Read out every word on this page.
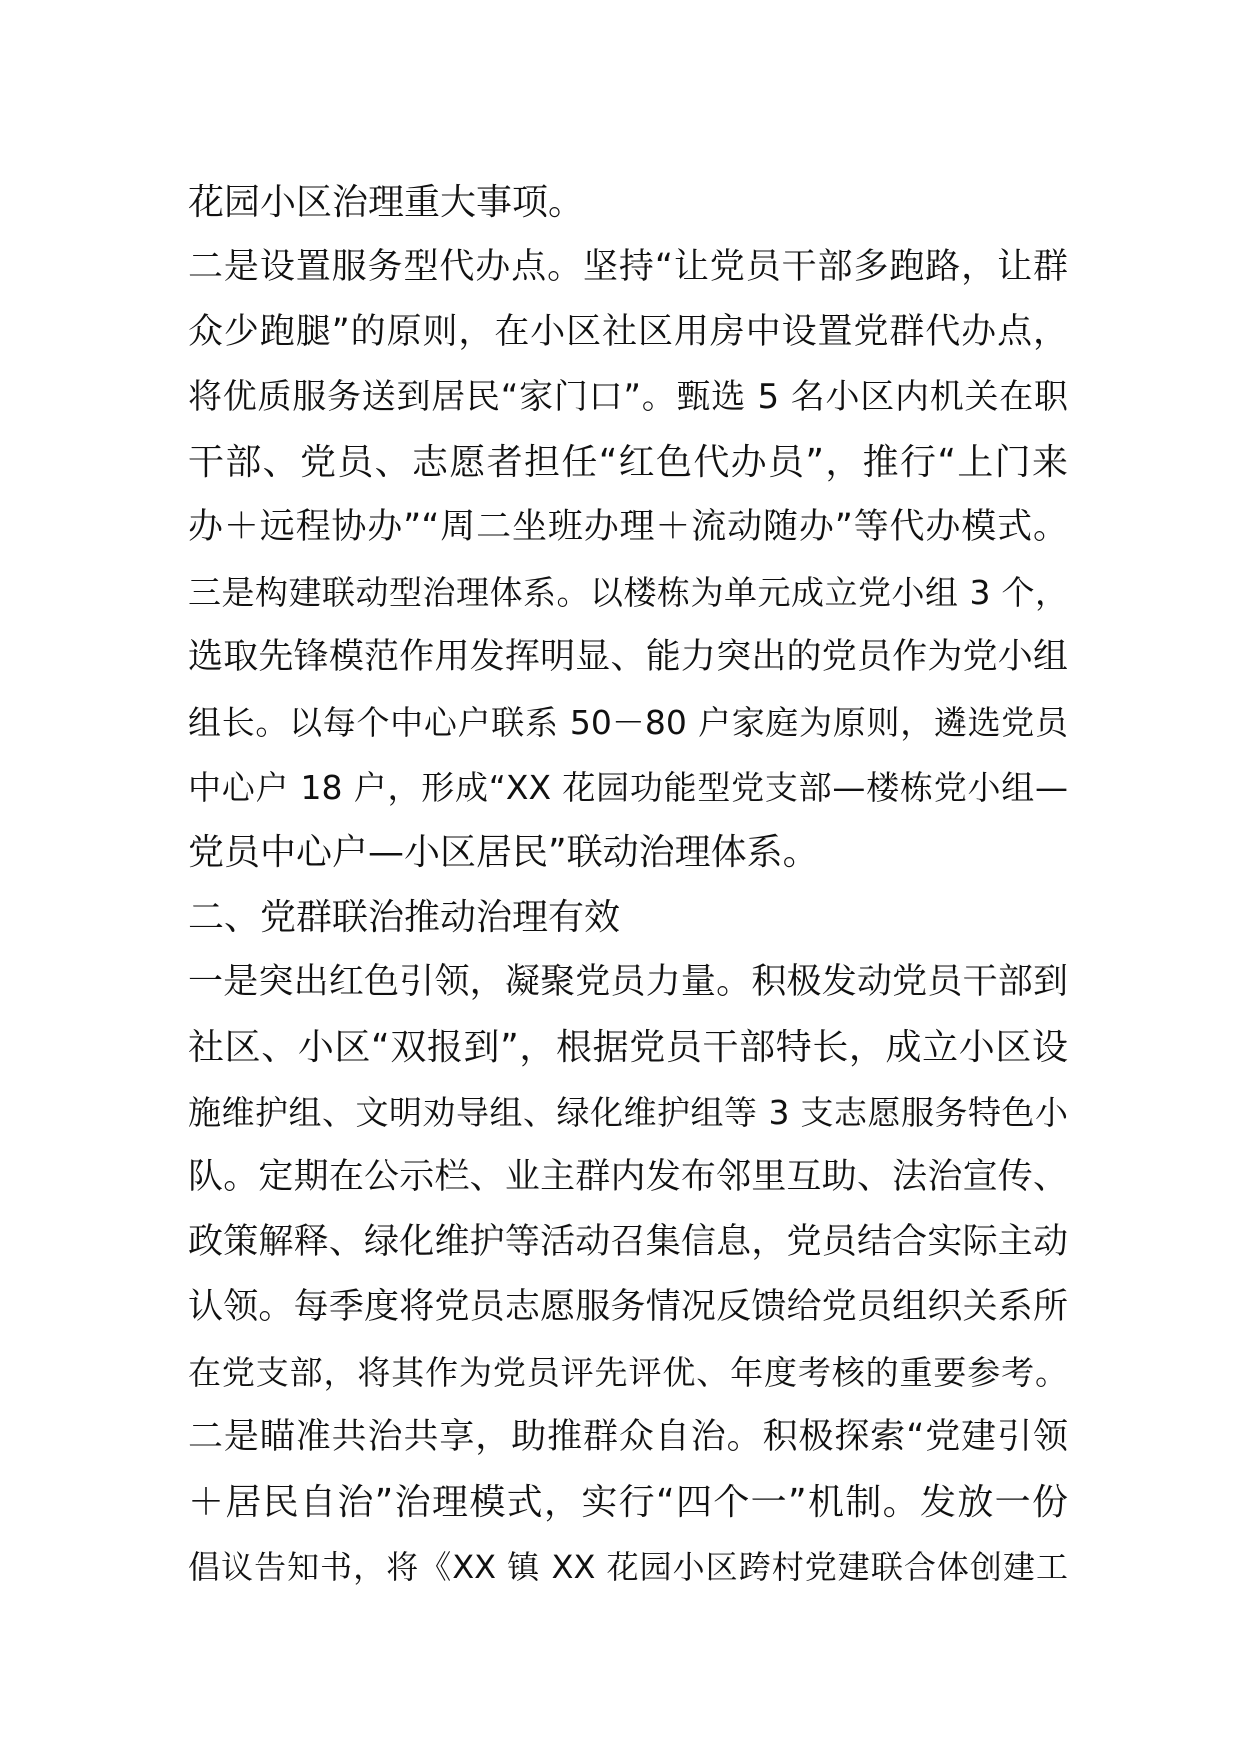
花园小区治理重大事项。
二是设置服务型代办点。坚持“让党员干部多跑路，让群
众少跑腿”的原则，在小区社区用房中设置党群代办点，
将优质服务送到居民“家门口”。甄选 5 名小区内机关在职
干部、党员、志愿者担任“红色代办员”，推行“上门来
办＋远程协办”“周二坐班办理＋流动随办”等代办模式。
三是构建联动型治理体系。以楼栋为单元成立党小组 3 个，
选取先锋模范作用发挥明显、能力突出的党员作为党小组
组长。以每个中心户联系 50－80 户家庭为原则，遴选党员
中心户 18 户，形成“XX 花园功能型党支部—楼栋党小组—
党员中心户—小区居民”联动治理体系。
二、党群联治推动治理有效
一是突出红色引领，凝聚党员力量。积极发动党员干部到
社区、小区“双报到”，根据党员干部特长，成立小区设
施维护组、文明劝导组、绿化维护组等 3 支志愿服务特色小
队。定期在公示栏、业主群内发布邻里互助、法治宣传、
政策解释、绿化维护等活动召集信息，党员结合实际主动
认领。每季度将党员志愿服务情况反馈给党员组织关系所
在党支部，将其作为党员评先评优、年度考核的重要参考。
二是瞄准共治共享，助推群众自治。积极探索“党建引领
＋居民自治”治理模式，实行“四个一”机制。发放一份
倡议告知书，将《XX 镇 XX 花园小区跨村党建联合体创建工
